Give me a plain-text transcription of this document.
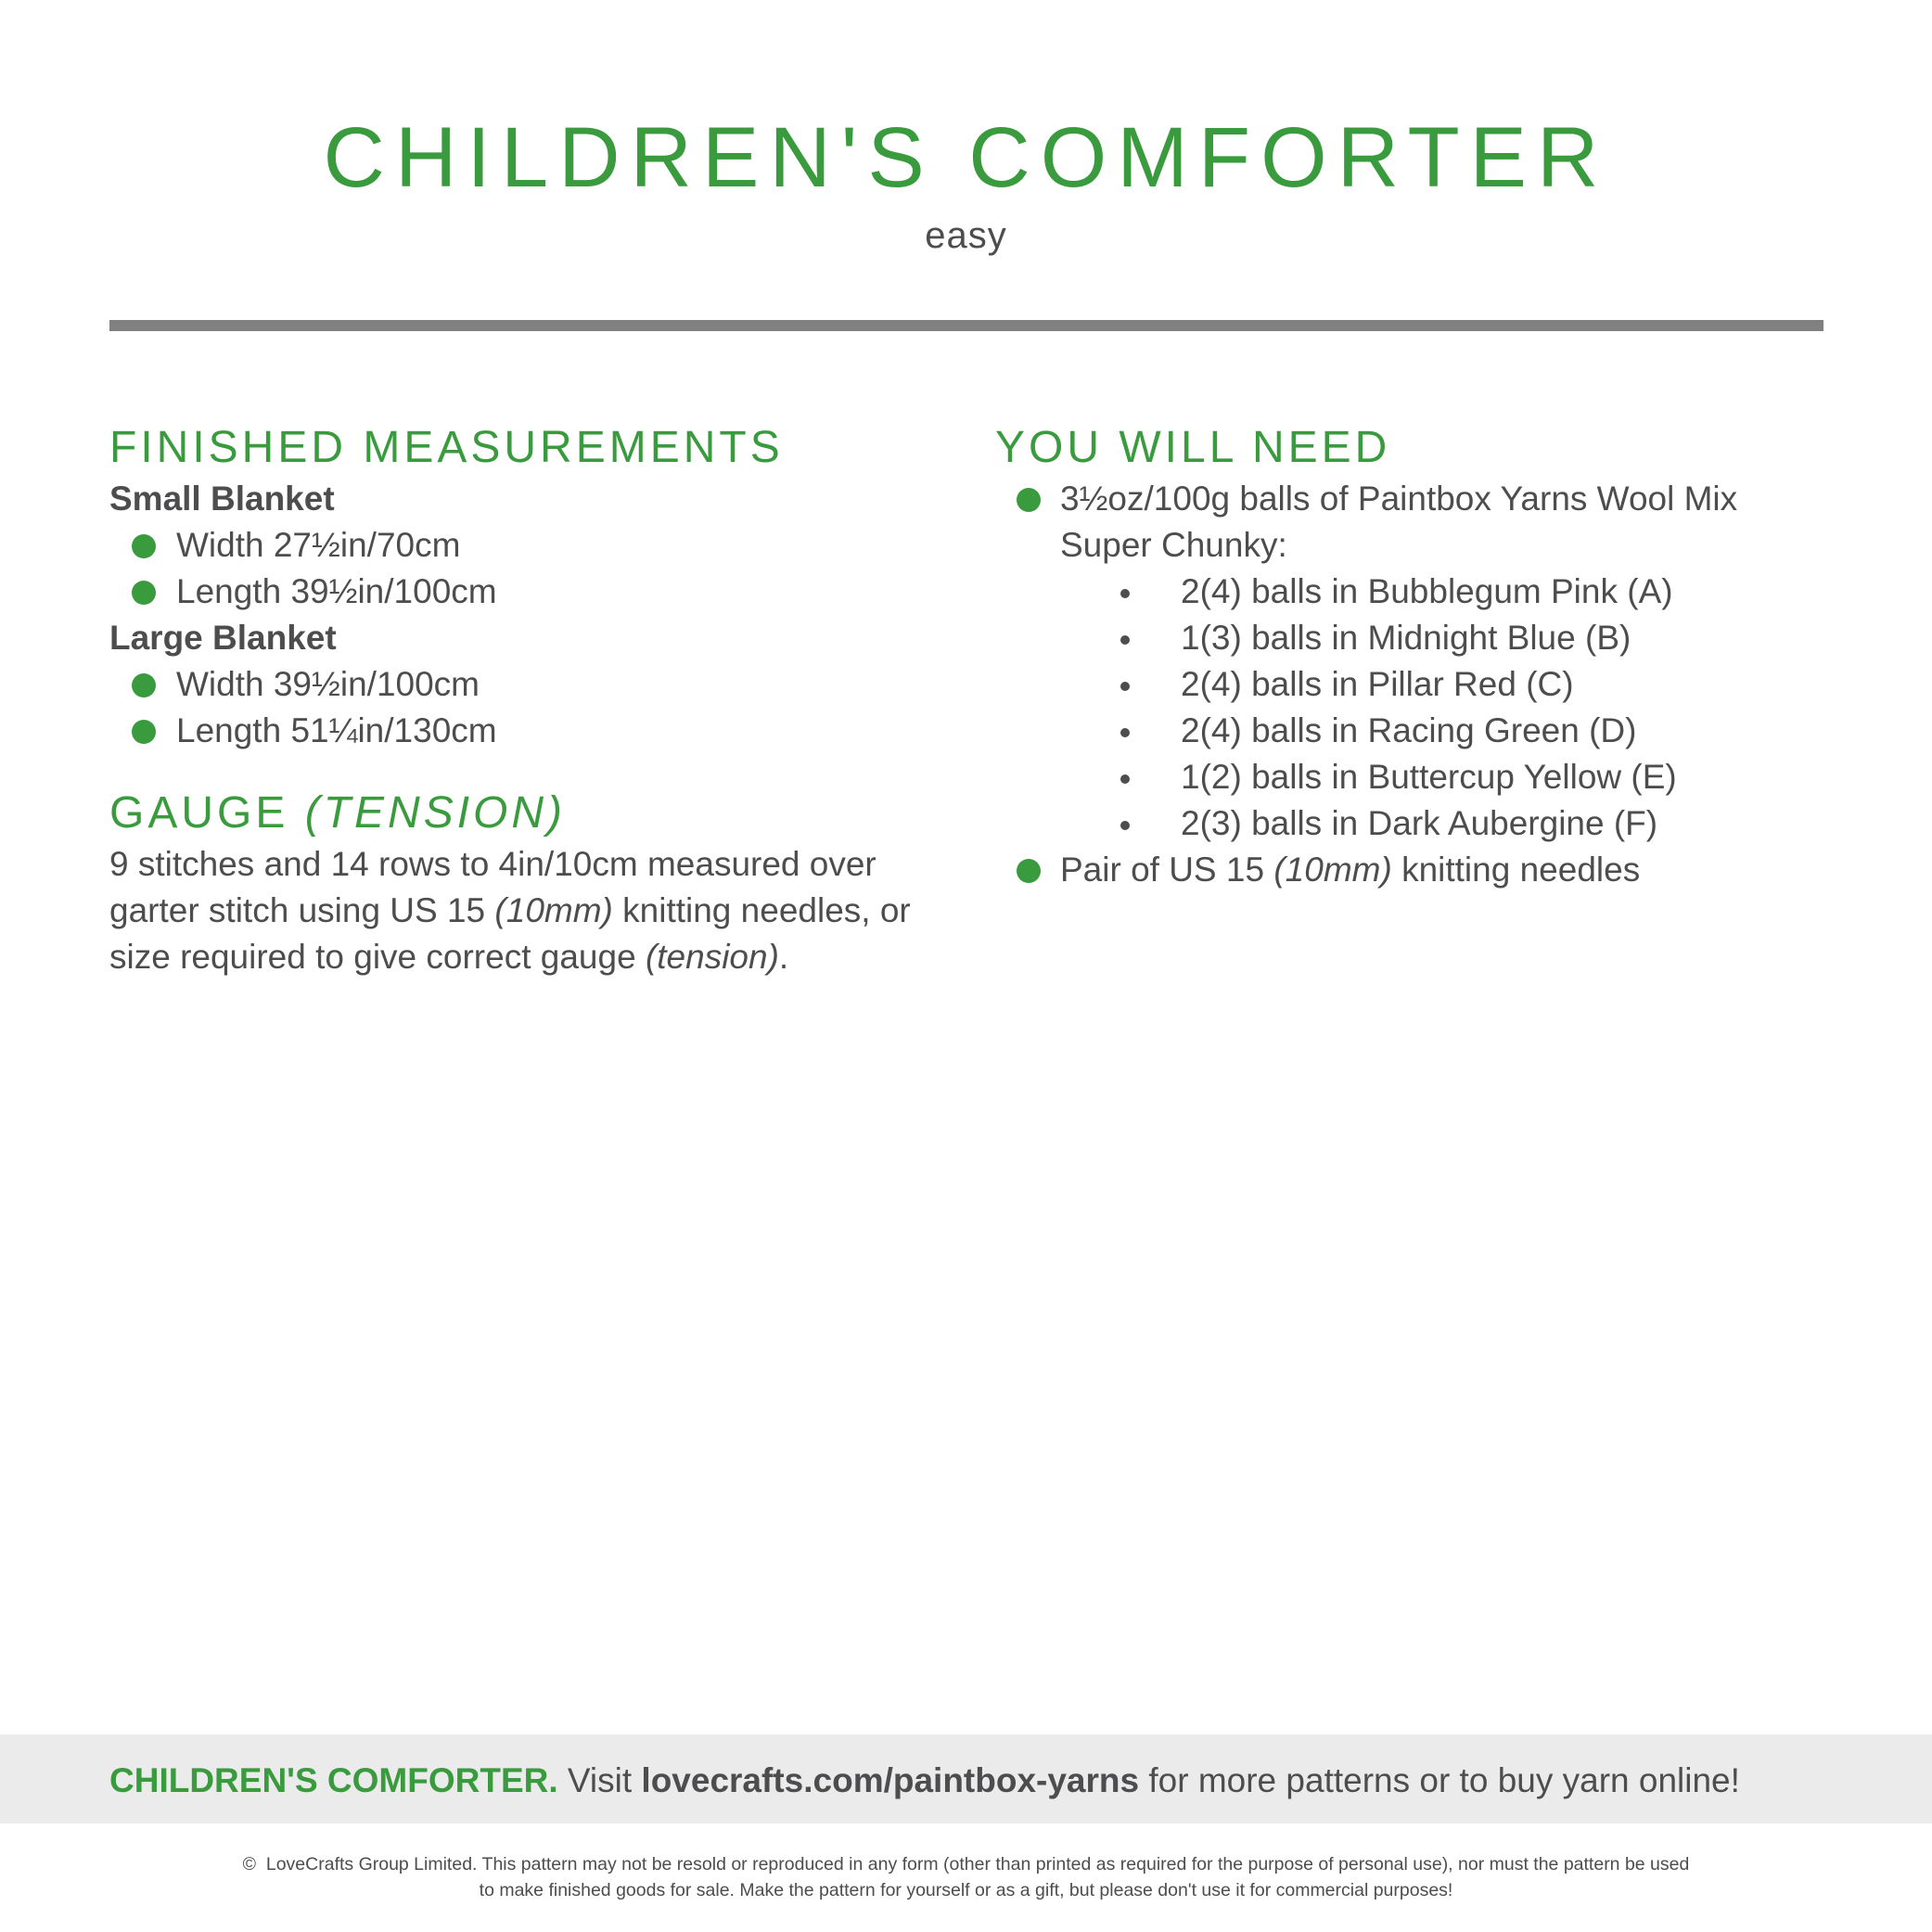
CHILDREN'S COMFORTER
easy
FINISHED MEASUREMENTS
Small Blanket
Width 27½in/70cm
Length 39½in/100cm
Large Blanket
Width 39½in/100cm
Length 51¼in/130cm
GAUGE (TENSION)

9 stitches and 14 rows to 4in/10cm measured over garter stitch using US 15 (10mm) knitting needles, or size required to give correct gauge (tension).

YOU WILL NEED
3½oz/100g balls of Paintbox Yarns Wool Mix Super Chunky:
2(4) balls in Bubblegum Pink (A)
1(3) balls in Midnight Blue (B)
2(4) balls in Pillar Red (C)
2(4) balls in Racing Green (D)
1(2) balls in Buttercup Yellow (E)
2(3) balls in Dark Aubergine (F)
Pair of US 15 (10mm) knitting needles
CHILDREN'S COMFORTER. Visit lovecrafts.com/paintbox-yarns for more patterns or to buy yarn online!
© LoveCrafts Group Limited. This pattern may not be resold or reproduced in any form (other than printed as required for the purpose of personal use), nor must the pattern be used
to make finished goods for sale. Make the pattern for yourself or as a gift, but please don't use it for commercial purposes!
